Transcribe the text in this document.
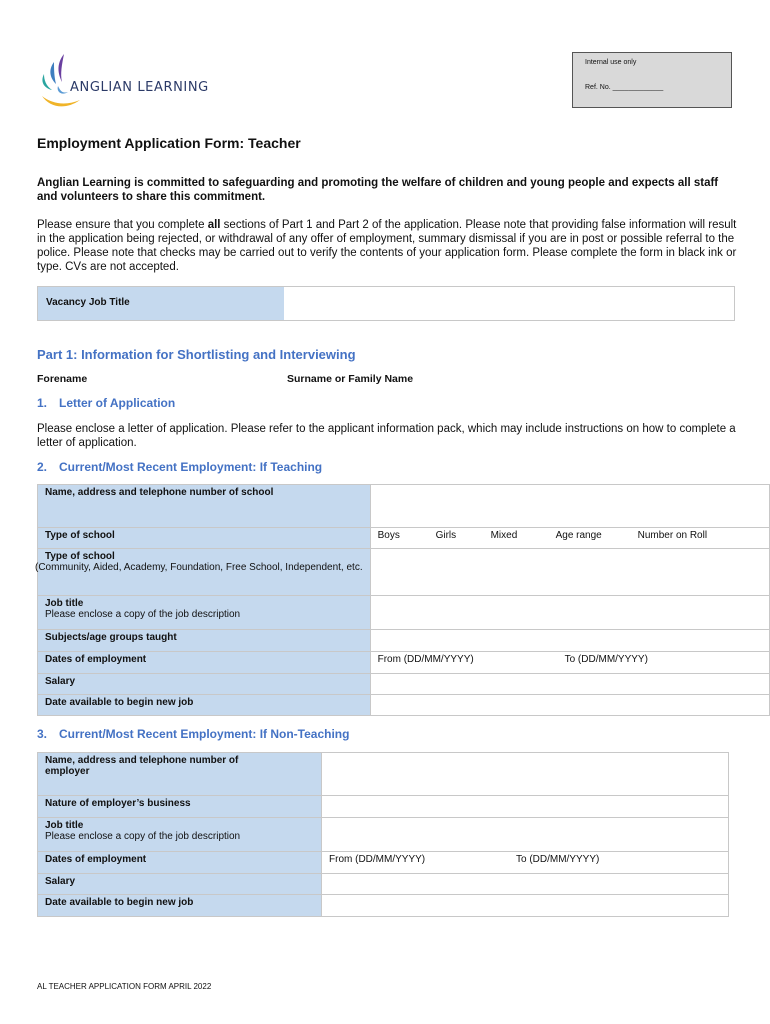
ANGLIAN LEARNING
Internal use only
Ref. No. _____________
Employment Application Form: Teacher
Anglian Learning is committed to safeguarding and promoting the welfare of children and young people and expects all staff and volunteers to share this commitment.
Please ensure that you complete all sections of Part 1 and Part 2 of the application. Please note that providing false information will result in the application being rejected, or withdrawal of any offer of employment, summary dismissal if you are in post or possible referral to the police. Please note that checks may be carried out to verify the contents of your application form. Please complete the form in black ink or type. CVs are not accepted.
Vacancy Job Title
Part 1: Information for Shortlisting and Interviewing
Forename	Surname or Family Name
1. Letter of Application
Please enclose a letter of application. Please refer to the applicant information pack, which may include instructions on how to complete a letter of application.
2. Current/Most Recent Employment: If Teaching
Name, address and telephone number of school	
Type of school	Boys Girls Mixed Age range Number on Roll

Type of school
(Community, Aided, Academy, Foundation, Free School, Independent, etc.	

Job title
Please enclose a copy of the job description	

Subjects/age groups taught	
Dates of employment	From (DD/MM/YYYY) To (DD/MM/YYYY)

Salary	
Date available to begin new job	
3. Current/Most Recent Employment: If Non-Teaching
Name, address and telephone number of employer	

Nature of employer’s business	

Job title
Please enclose a copy of the job description	

Dates of employment	From (DD/MM/YYYY) To (DD/MM/YYYY)

Salary	
Date available to begin new job	
AL TEACHER APPLICATION FORM APRIL 2022
